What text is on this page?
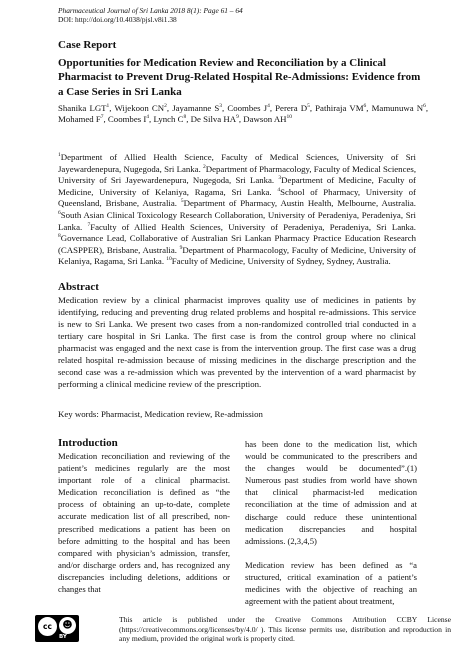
Pharmaceutical Journal of Sri Lanka 2018 8(1): Page 61 – 64
DOI: http://doi.org/10.4038/pjsl.v8i1.38
Case Report
Opportunities for Medication Review and Reconciliation by a Clinical Pharmacist to Prevent Drug-Related Hospital Re-Admissions: Evidence from a Case Series in Sri Lanka
Shanika LGT$^1$, Wijekoon $CN^2$, Jayamanne $S^3$, Coombes $J^4$, Perera $D^5$, Pathiraja $VM^6$, Mamunuwa $N^6$, Mohamed $F^7$, Coombes $I^4$, Lynch $C^8$, De Silva $HA^9$, Dawson AH$^{10}$
$^1$Department of Allied Health Science, Faculty of Medical Sciences, University of Sri Jayewardenepura, Nugegoda, Sri Lanka. $^2$Department of Pharmacology, Faculty of Medical Sciences, University of Sri Jayewardenepura, Nugegoda, Sri Lanka. $^3$Department of Medicine, Faculty of Medicine, University of Kelaniya, Ragama, Sri Lanka. $^4$School of Pharmacy, University of Queensland, Brisbane, Australia. $^5$Department of Pharmacy, Austin Health, Melbourne, Australia. $^6$South Asian Clinical Toxicology Research Collaboration, University of Peradeniya, Peradeniya, Sri Lanka. $^7$Faculty of Allied Health Sciences, University of Peradeniya, Peradeniya, Sri Lanka. $^8$Governance Lead, Collaborative of Australian Sri Lankan Pharmacy Practice Education Research (CASPPER), Brisbane, Australia. $^9$Department of Pharmacology, Faculty of Medicine, University of Kelaniya, Ragama, Sri Lanka. $^{10}$Faculty of Medicine, University of Sydney, Sydney, Australia.
Abstract
Medication review by a clinical pharmacist improves quality use of medicines in patients by identifying, reducing and preventing drug related problems and hospital re-admissions. This service is new to Sri Lanka. We present two cases from a non-randomized controlled trial conducted in a tertiary care hospital in Sri Lanka. The first case is from the control group where no clinical pharmacist was engaged and the next case is from the intervention group. The first case was a drug related hospital re-admission because of missing medicines in the discharge prescription and the second case was a re-admission which was prevented by the intervention of a ward pharmacist by performing a clinical medicine review of the prescription.
Key words: Pharmacist, Medication review, Re-admission
Introduction
Medication reconciliation and reviewing of the patient’s medicines regularly are the most important role of a clinical pharmacist. Medication reconciliation is defined as “the process of obtaining an up-to-date, complete accurate medication list of all prescribed, non-prescribed medications a patient has been on before admitting to the hospital and has been compared with physician’s admission, transfer, and/or discharge orders and, has recognized any discrepancies including deletions, additions or changes that

has been done to the medication list, which would be communicated to the prescribers and the changes would be documented”.(1) Numerous past studies from world have shown that clinical pharmacist-led medication reconciliation at the time of admission and at discharge could reduce these unintentional medication discrepancies and hospital admissions. (2,3,4,5)

Medication review has been defined as “a structured, critical examination of a patient’s medicines with the objective of reaching an agreement with the patient about treatment,

cc	☻
BY
This article is published under the Creative Commons Attribution CCBY License (https://creativecommons.org/licenses/by/4.0/ ). This license permits use, distribution and reproduction in any medium, provided the original work is properly cited.
